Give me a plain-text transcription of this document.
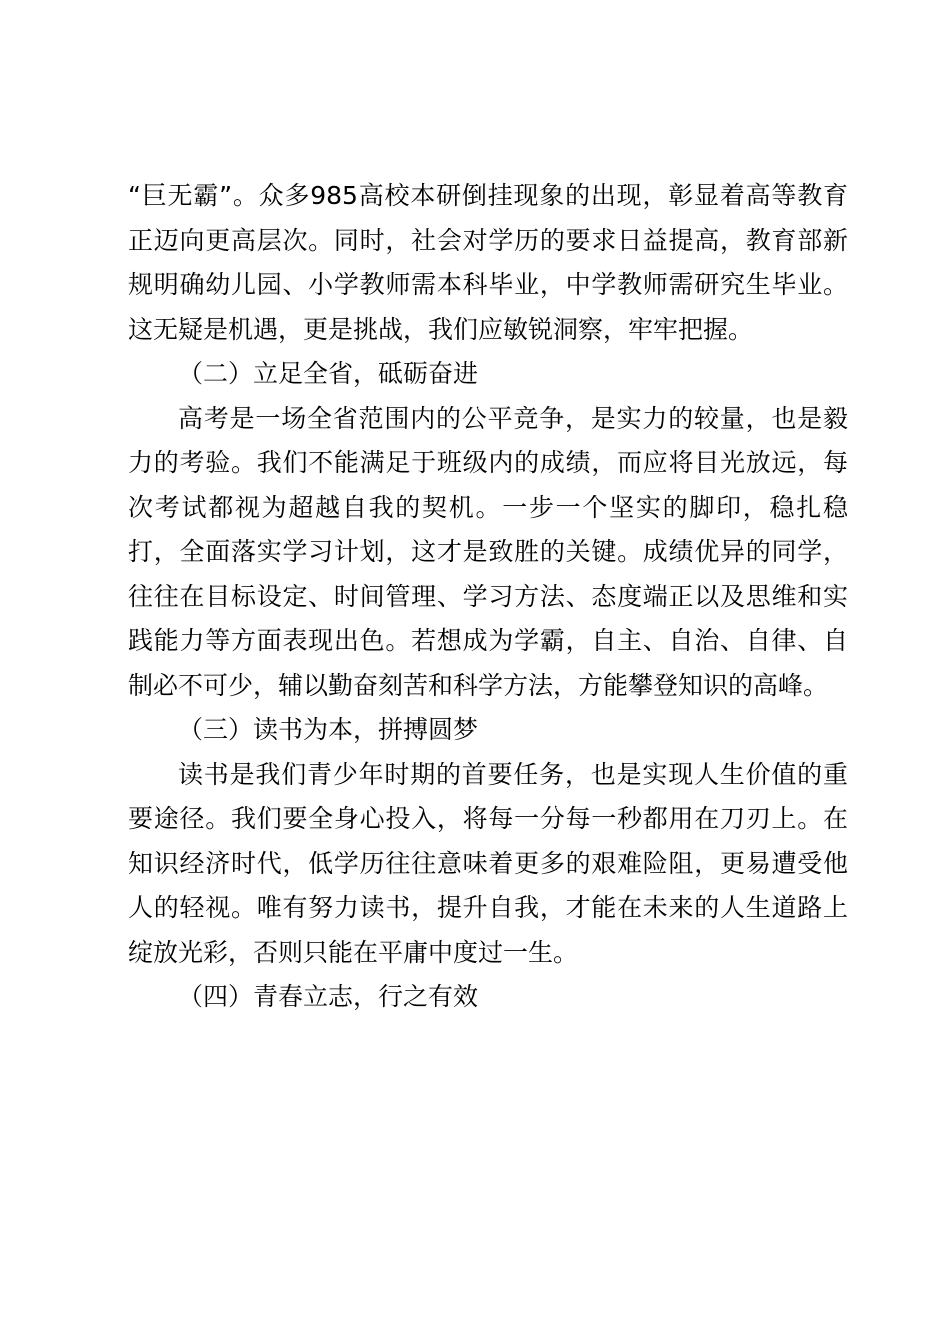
“巨无霸”。众多985高校本研倒挂现象的出现，彰显着高等教育正迈向更高层次。同时，社会对学历的要求日益提高，教育部新规明确幼儿园、小学教师需本科毕业，中学教师需研究生毕业。这无疑是机遇，更是挑战，我们应敏锐洞察，牢牢把握。

（二）立足全省，砥砺奋进

高考是一场全省范围内的公平竞争，是实力的较量，也是毅力的考验。我们不能满足于班级内的成绩，而应将目光放远，每次考试都视为超越自我的契机。一步一个坚实的脚印，稳扎稳打，全面落实学习计划，这才是致胜的关键。成绩优异的同学，往往在目标设定、时间管理、学习方法、态度端正以及思维和实践能力等方面表现出色。若想成为学霸，自主、自治、自律、自制必不可少，辅以勤奋刻苦和科学方法，方能攀登知识的高峰。

（三）读书为本，拼搏圆梦

读书是我们青少年时期的首要任务，也是实现人生价值的重要途径。我们要全身心投入，将每一分每一秒都用在刀刃上。在知识经济时代，低学历往往意味着更多的艰难险阻，更易遭受他人的轻视。唯有努力读书，提升自我，才能在未来的人生道路上绽放光彩，否则只能在平庸中度过一生。

（四）青春立志，行之有效
